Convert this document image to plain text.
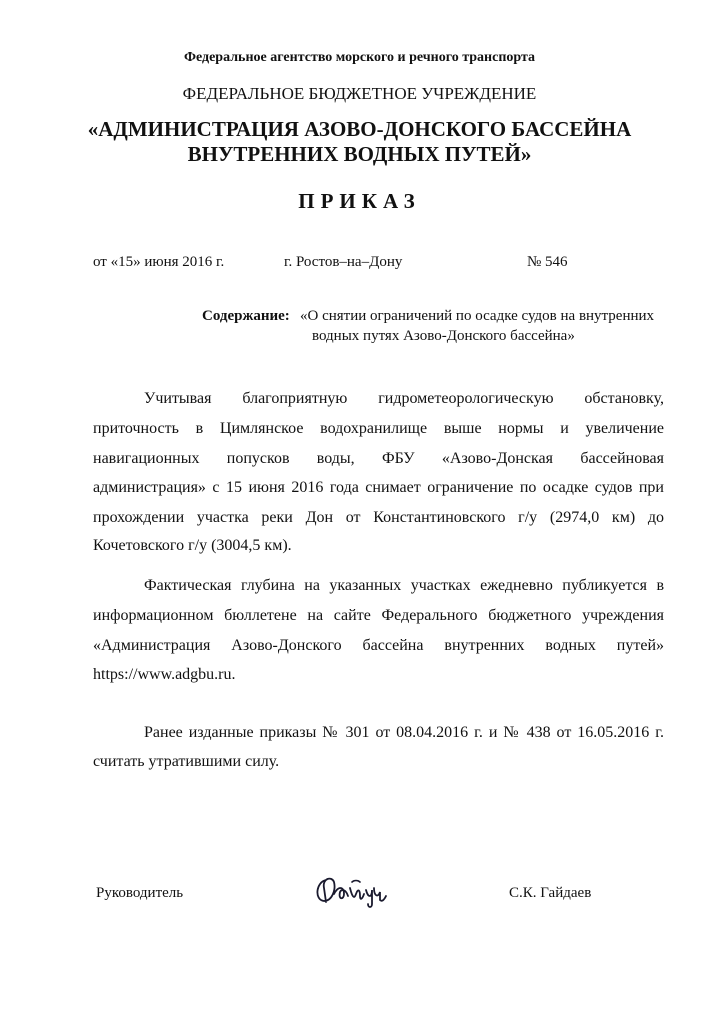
Федеральное агентство морского и речного транспорта
ФЕДЕРАЛЬНОЕ БЮДЖЕТНОЕ УЧРЕЖДЕНИЕ
«АДМИНИСТРАЦИЯ АЗОВО-ДОНСКОГО БАССЕЙНА
ВНУТРЕННИХ ВОДНЫХ ПУТЕЙ»
ПРИКАЗ
от «15» июня 2016 г.	г. Ростов–на–Дону	№ 546
Содержание: «О снятии ограничений по осадке судов на внутренних
водных путях Азово-Донского бассейна»
Учитывая благоприятную гидрометеорологическую обстановку,
приточность в Цимлянское водохранилище выше нормы и увеличение
навигационных попусков воды, ФБУ «Азово-Донская бассейновая
администрация» с 15 июня 2016 года снимает ограничение по осадке судов при
прохождении участка реки Дон от Константиновского г/у (2974,0 км) до
Кочетовского г/у (3004,5 км).
Фактическая глубина на указанных участках ежедневно публикуется в
информационном бюллетене на сайте Федерального бюджетного учреждения
«Администрация Азово-Донского бассейна внутренних водных путей»
https://www.adgbu.ru.
Ранее изданные приказы № 301 от 08.04.2016 г. и № 438 от 16.05.2016 г.
считать утратившими силу.
Руководитель	С.К. Гайдаев
